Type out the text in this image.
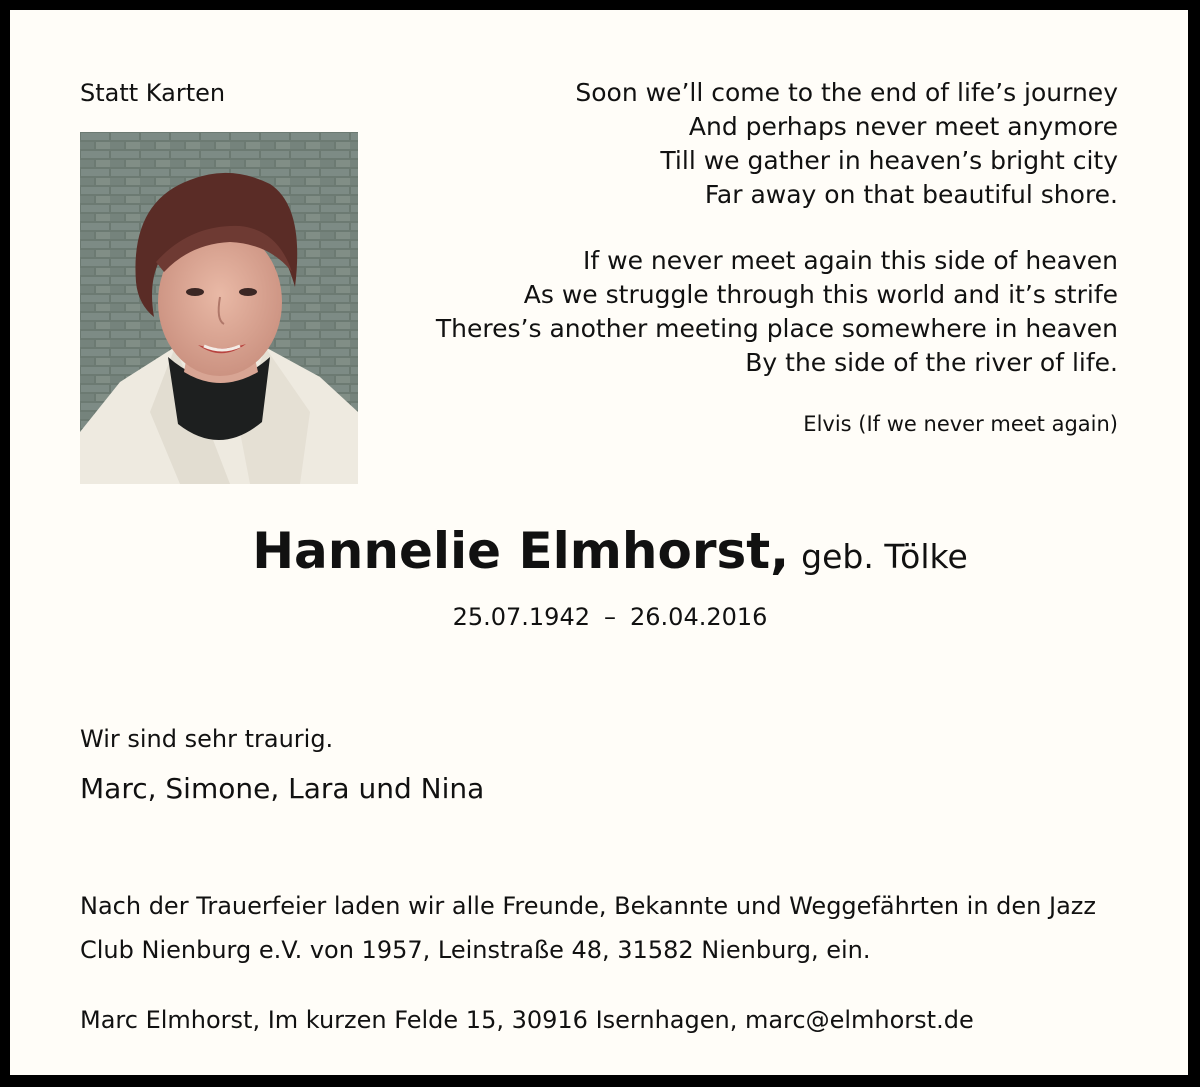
Statt Karten	Soon we’ll come to the end of life’s journey
And perhaps never meet anymore
Till we gather in heaven’s bright city
Far away on that beautiful shore.
If we never meet again this side of heaven
As we struggle through this world and it’s strife
Theres’s another meeting place somewhere in heaven
By the side of the river of life.
Elvis (If we never meet again)
Hannelie Elmhorst, geb. Tölke
25.07.1942 – 26.04.2016
Wir sind sehr traurig.
Marc, Simone, Lara und Nina
Nach der Trauerfeier laden wir alle Freunde, Bekannte und Weggefährten in den Jazz
Club Nienburg e.V. von 1957, Leinstraße 48, 31582 Nienburg, ein.
Marc Elmhorst, Im kurzen Felde 15, 30916 Isernhagen, marc@elmhorst.de
